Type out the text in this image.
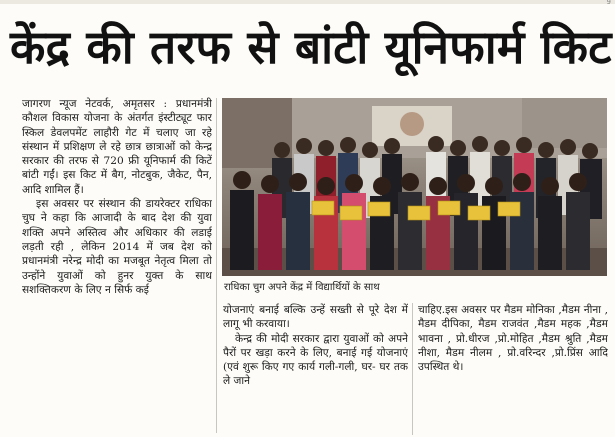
9
केंद्र की तरफ से बांटी यूनिफार्म किट

जागरण न्यूज नेटवर्क, अमृतसर : प्रधानमंत्री कौशल विकास योजना के अंतर्गत इंस्टीट्यूट फार स्किल डेवलपमेंट लाहौरी गेट में चलाए जा रहे संस्थान में प्रशिक्षण ले रहे छात्र छात्राओं को केन्द्र सरकार की तरफ से 720 फ्री यूनिफार्म की किटें बांटी गईं। इस किट में बैग, नोटबुक, जैकेट, पैन, आदि शामिल हैं।

इस अवसर पर संस्थान की डायरेक्टर राधिका चुघ ने कहा कि आजादी के बाद देश की युवा शक्ति अपने अस्तित्व और अधिकार की लडाई लड़ती रही , लेकिन 2014 में जब देश को प्रधानमंत्री नरेन्द्र मोदी का मजबूत नेतृत्व मिला तो उन्होंने युवाओं को हुनर युक्त के साथ सशक्तिकरण के लिए न सिर्फ कई	राधिका चुग अपने केंद्र में विद्यार्थियों के साथ

योजनाएं बनाई बल्कि उन्हें सख्ती से पूरे देश में लागू भी करवाया।

केन्द्र की मोदी सरकार द्वारा युवाओं को अपने पैरों पर खड़ा करने के लिए, बनाई गई योजनाएं (एवं शुरू किए गए कार्य गली-गली, घर- घर तक ले जाने

चाहिए.इस अवसर पर मैडम मोनिका ,मैडम नीना , मैडम दीपिका, मैडम राजवंत ,मैडम महक ,मैडम भावना , प्रो.धीरज ,प्रो.मोहित ,मैडम श्रुति ,मैडम नीशा, मैडम नीलम , प्रो.वरिन्दर ,प्रो.प्रिंस आदि उपस्थित थे।
